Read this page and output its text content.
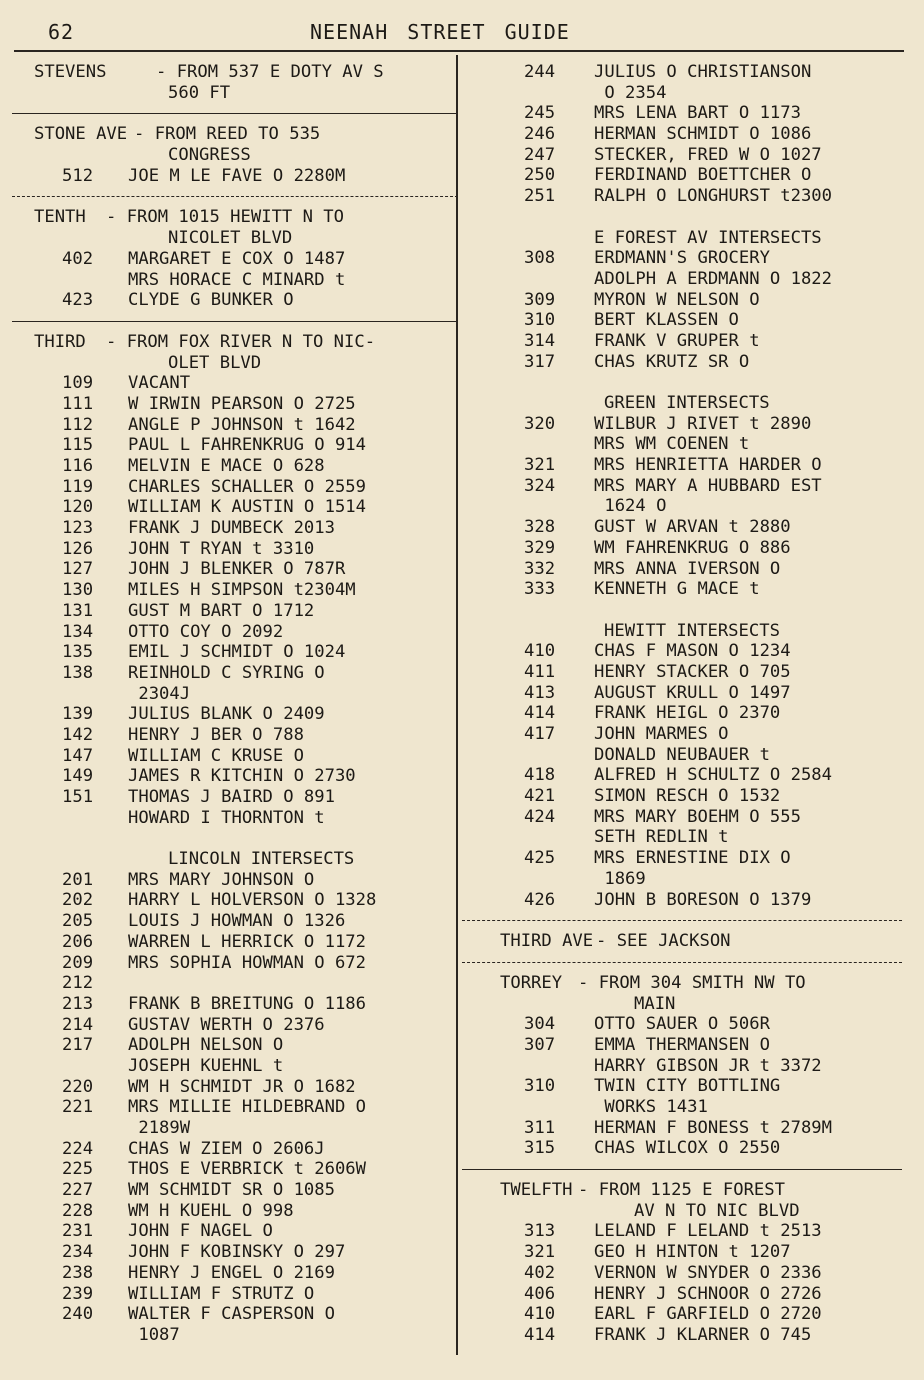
62	NEENAH STREET GUIDE
STEVENS	- FROM 537 E DOTY AV S
560 FT
STONE AVE - FROM REED TO 535
CONGRESS
512	JOE M LE FAVE O 2280M
TENTH - FROM 1015 HEWITT N TO
NICOLET BLVD
402	MARGARET E COX O 1487
MRS HORACE C MINARD t
423	CLYDE G BUNKER O
THIRD - FROM FOX RIVER N TO NIC-
OLET BLVD
109	VACANT
111	W IRWIN PEARSON O 2725
112	ANGLE P JOHNSON t 1642
115	PAUL L FAHRENKRUG O 914
116	MELVIN E MACE O 628
119	CHARLES SCHALLER O 2559
120	WILLIAM K AUSTIN O 1514
123	FRANK J DUMBECK 2013
126	JOHN T RYAN t 3310
127	JOHN J BLENKER O 787R
130	MILES H SIMPSON t2304M
131	GUST M BART O 1712
134	OTTO COY O 2092
135	EMIL J SCHMIDT O 1024
138	REINHOLD C SYRING O
2304J
139	JULIUS BLANK O 2409
142	HENRY J BER O 788
147	WILLIAM C KRUSE O
149	JAMES R KITCHIN O 2730
151	THOMAS J BAIRD O 891
HOWARD I THORNTON t
LINCOLN INTERSECTS
201	MRS MARY JOHNSON O
202	HARRY L HOLVERSON O 1328
205	LOUIS J HOWMAN O 1326
206	WARREN L HERRICK O 1172
209	MRS SOPHIA HOWMAN O 672
212
213	FRANK B BREITUNG O 1186
214	GUSTAV WERTH O 2376
217	ADOLPH NELSON O
JOSEPH KUEHNL t
220	WM H SCHMIDT JR O 1682
221	MRS MILLIE HILDEBRAND O
2189W
224	CHAS W ZIEM O 2606J
225	THOS E VERBRICK t 2606W
227	WM SCHMIDT SR O 1085
228	WM H KUEHL O 998
231	JOHN F NAGEL O
234	JOHN F KOBINSKY O 297
238	HENRY J ENGEL O 2169
239	WILLIAM F STRUTZ O
240	WALTER F CASPERSON O
1087
244	JULIUS O CHRISTIANSON
O 2354
245	MRS LENA BART O 1173
246	HERMAN SCHMIDT O 1086
247	STECKER, FRED W O 1027
250	FERDINAND BOETTCHER O
251	RALPH O LONGHURST t2300
E FOREST AV INTERSECTS
308	ERDMANN'S GROCERY
ADOLPH A ERDMANN O 1822
309	MYRON W NELSON O
310	BERT KLASSEN O
314	FRANK V GRUPER t
317	CHAS KRUTZ SR O
GREEN INTERSECTS
320	WILBUR J RIVET t 2890
MRS WM COENEN t
321	MRS HENRIETTA HARDER O
324	MRS MARY A HUBBARD EST
1624 O
328	GUST W ARVAN t 2880
329	WM FAHRENKRUG O 886
332	MRS ANNA IVERSON O
333	KENNETH G MACE t
HEWITT INTERSECTS
410	CHAS F MASON O 1234
411	HENRY STACKER O 705
413	AUGUST KRULL O 1497
414	FRANK HEIGL O 2370
417	JOHN MARMES O
DONALD NEUBAUER t
418	ALFRED H SCHULTZ O 2584
421	SIMON RESCH O 1532
424	MRS MARY BOEHM O 555
SETH REDLIN t
425	MRS ERNESTINE DIX O
1869
426	JOHN B BORESON O 1379
THIRD AVE - SEE JACKSON
TORREY - FROM 304 SMITH NW TO
MAIN
304	OTTO SAUER O 506R
307	EMMA THERMANSEN O
HARRY GIBSON JR t 3372
310	TWIN CITY BOTTLING
WORKS 1431
311	HERMAN F BONESS t 2789M
315	CHAS WILCOX O 2550
TWELFTH - FROM 1125 E FOREST
AV N TO NIC BLVD
313	LELAND F LELAND t 2513
321	GEO H HINTON t 1207
402	VERNON W SNYDER O 2336
406	HENRY J SCHNOOR O 2726
410	EARL F GARFIELD O 2720
414	FRANK J KLARNER O 745
